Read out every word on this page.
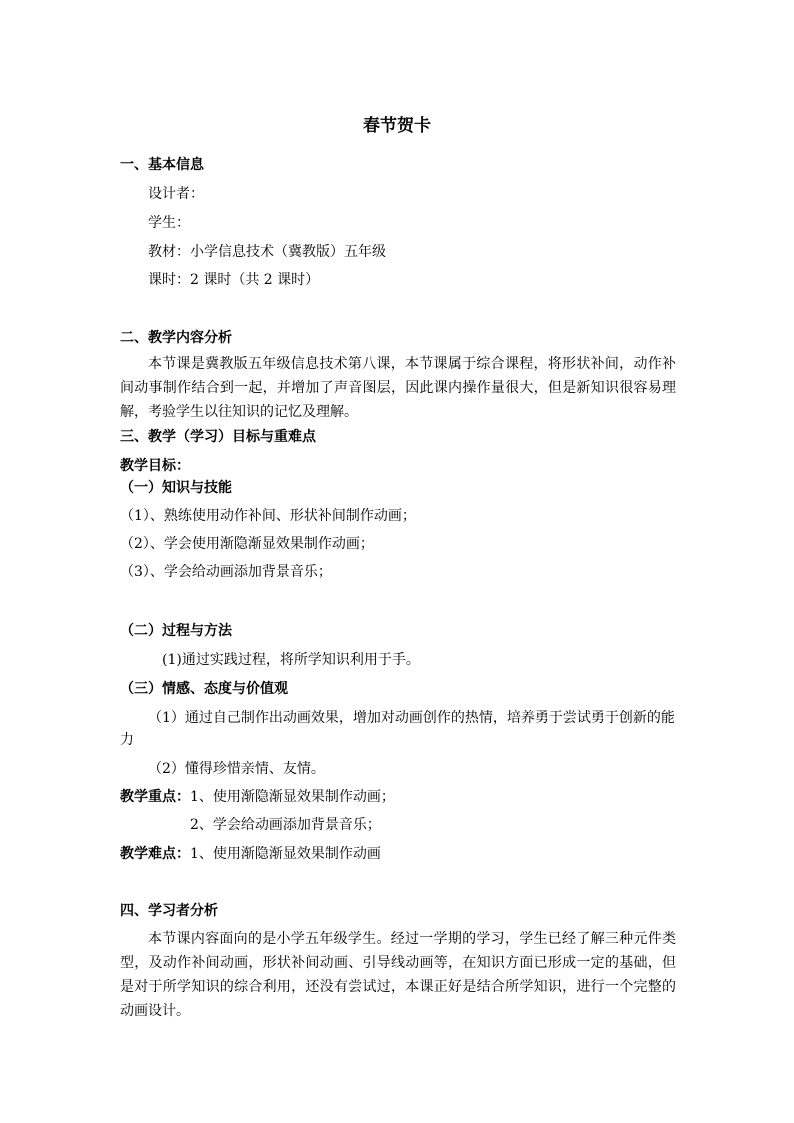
春节贺卡
一、基本信息
设计者：
学生：
教材：小学信息技术（冀教版）五年级
课时：2 课时（共 2 课时）
二、教学内容分析
本节课是冀教版五年级信息技术第八课，本节课属于综合课程，将形状补间，动作补间动事制作结合到一起，并增加了声音图层，因此课内操作量很大，但是新知识很容易理解，考验学生以往知识的记忆及理解。
三、教学（学习）目标与重难点
教学目标：
（一）知识与技能
（1）、熟练使用动作补间、形状补间制作动画；
（2）、学会使用渐隐渐显效果制作动画；
（3）、学会给动画添加背景音乐；
（二）过程与方法
(1)通过实践过程，将所学知识利用于手。
（三）情感、态度与价值观
（1）通过自己制作出动画效果，增加对动画创作的热情，培养勇于尝试勇于创新的能
力
（2）懂得珍惜亲情、友情。
教学重点： 1、使用渐隐渐显效果制作动画；
2、学会给动画添加背景音乐；
教学难点： 1、使用渐隐渐显效果制作动画
四、学习者分析
本节课内容面向的是小学五年级学生。经过一学期的学习，学生已经了解三种元件类型，及动作补间动画，形状补间动画、引导线动画等，在知识方面已形成一定的基础，但是对于所学知识的综合利用，还没有尝试过，本课正好是结合所学知识，进行一个完整的动画设计。
